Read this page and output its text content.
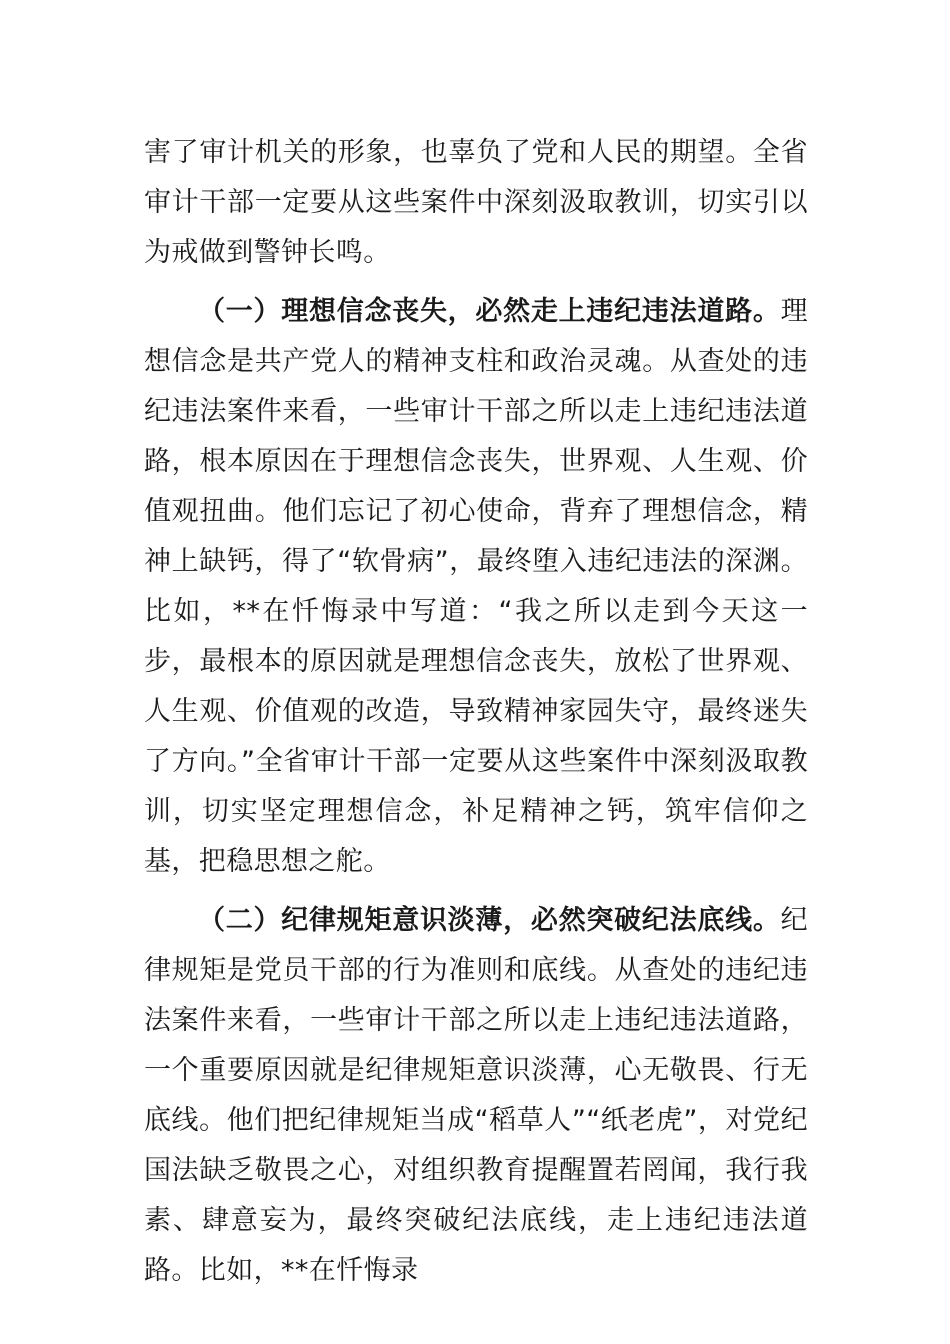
害了审计机关的形象，也辜负了党和人民的期望。全省审计干部一定要从这些案件中深刻汲取教训，切实引以为戒做到警钟长鸣。

（一）理想信念丧失，必然走上违纪违法道路。理想信念是共产党人的精神支柱和政治灵魂。从查处的违纪违法案件来看，一些审计干部之所以走上违纪违法道路，根本原因在于理想信念丧失，世界观、人生观、价值观扭曲。他们忘记了初心使命，背弃了理想信念，精神上缺钙，得了“软骨病”，最终堕入违纪违法的深渊。比如，**在忏悔录中写道：“我之所以走到今天这一步，最根本的原因就是理想信念丧失，放松了世界观、人生观、价值观的改造，导致精神家园失守，最终迷失了方向。”全省审计干部一定要从这些案件中深刻汲取教训，切实坚定理想信念，补足精神之钙，筑牢信仰之基，把稳思想之舵。

（二）纪律规矩意识淡薄，必然突破纪法底线。纪律规矩是党员干部的行为准则和底线。从查处的违纪违法案件来看，一些审计干部之所以走上违纪违法道路，一个重要原因就是纪律规矩意识淡薄，心无敬畏、行无底线。他们把纪律规矩当成“稻草人”“纸老虎”，对党纪国法缺乏敬畏之心，对组织教育提醒置若罔闻，我行我素、肆意妄为，最终突破纪法底线，走上违纪违法道路。比如，**在忏悔录
